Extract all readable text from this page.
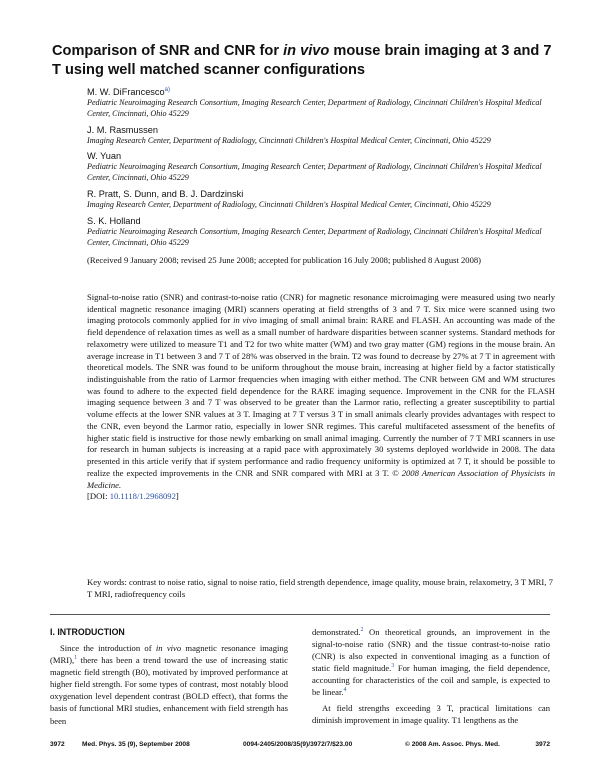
Comparison of SNR and CNR for in vivo mouse brain imaging at 3 and 7 T using well matched scanner configurations
M. W. DiFrancesco$^{a)}$
Pediatric Neuroimaging Research Consortium, Imaging Research Center, Department of Radiology, Cincinnati Children's Hospital Medical Center, Cincinnati, Ohio 45229
J. M. Rasmussen
Imaging Research Center, Department of Radiology, Cincinnati Children's Hospital Medical Center, Cincinnati, Ohio 45229
W. Yuan
Pediatric Neuroimaging Research Consortium, Imaging Research Center, Department of Radiology, Cincinnati Children's Hospital Medical Center, Cincinnati, Ohio 45229
R. Pratt, S. Dunn, and B. J. Dardzinski
Imaging Research Center, Department of Radiology, Cincinnati Children's Hospital Medical Center, Cincinnati, Ohio 45229
S. K. Holland
Pediatric Neuroimaging Research Consortium, Imaging Research Center, Department of Radiology, Cincinnati Children's Hospital Medical Center, Cincinnati, Ohio 45229
(Received 9 January 2008; revised 25 June 2008; accepted for publication 16 July 2008; published 8 August 2008)

Signal-to-noise ratio (SNR) and contrast-to-noise ratio (CNR) for magnetic resonance microimaging were measured using two nearly identical magnetic resonance imaging (MRI) scanners operating at field strengths of 3 and 7 T. Six mice were scanned using two imaging protocols commonly applied for in vivo imaging of small animal brain: RARE and FLASH. An accounting was made of the field dependence of relaxation times as well as a small number of hardware disparities between scanner systems. Standard methods for relaxometry were utilized to measure T1 and T2 for two white matter (WM) and two gray matter (GM) regions in the mouse brain. An average increase in T1 between 3 and 7 T of 28% was observed in the brain. T2 was found to decrease by 27% at 7 T in agreement with theoretical models. The SNR was found to be uniform throughout the mouse brain, increasing at higher field by a factor statistically indistinguishable from the ratio of Larmor frequencies when imaging with either method. The CNR between GM and WM structures was found to adhere to the expected field dependence for the RARE imaging sequence. Improvement in the CNR for the FLASH imaging sequence between 3 and 7 T was observed to be greater than the Larmor ratio, reflecting a greater susceptibility to partial volume effects at the lower SNR values at 3 T. Imaging at 7 T versus 3 T in small animals clearly provides advantages with respect to the CNR, even beyond the Larmor ratio, especially in lower SNR regimes. This careful multifaceted assessment of the benefits of higher static field is instructive for those newly embarking on small animal imaging. Currently the number of 7 T MRI scanners in use for research in human subjects is increasing at a rapid pace with approximately 30 systems deployed worldwide in 2008. The data presented in this article verify that if system performance and radio frequency uniformity is optimized at 7 T, it should be possible to realize the expected improvements in the CNR and SNR compared with MRI at 3 T. © 2008 American Association of Physicists in Medicine.
[DOI: 10.1118/1.2968092]

Key words: contrast to noise ratio, signal to noise ratio, field strength dependence, image quality, mouse brain, relaxometry, 3 T MRI, 7 T MRI, radiofrequency coils
I. INTRODUCTION

Since the introduction of in vivo magnetic resonance imaging (MRI),$^1$ there has been a trend toward the use of increasing static magnetic field strength (B0), motivated by improved performance at higher field strength. For some types of contrast, most notably blood oxygenation level dependent contrast (BOLD effect), that forms the basis of functional MRI studies, enhancement with field strength has been

demonstrated.$^2$ On theoretical grounds, an improvement in the signal-to-noise ratio (SNR) and the tissue contrast-to-noise ratio (CNR) is also expected in conventional imaging as a function of static field magnitude.$^3$ For human imaging, the field dependence, accounting for characteristics of the coil and sample, is expected to be linear.$^4$

At field strengths exceeding 3 T, practical limitations can diminish improvement in image quality. T1 lengthens as the

3972	Med. Phys. 35 (9), September 2008	0094-2405/2008/35(9)/3972/7/$23.00	© 2008 Am. Assoc. Phys. Med.	3972
